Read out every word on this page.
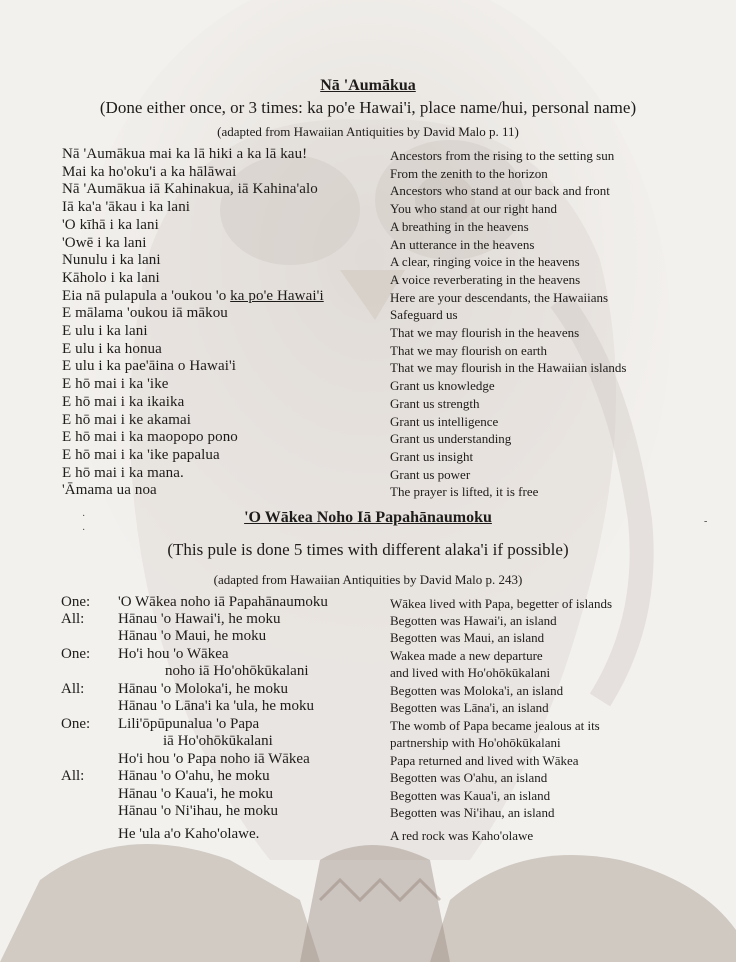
Nā 'Aumākua
(Done either once, or 3 times: ka po'e Hawai'i, place name/hui, personal name)
(adapted from Hawaiian Antiquities by David Malo p. 11)
Nā 'Aumākua mai ka lā hiki a ka lā kau!	Ancestors from the rising to the setting sun
Mai ka ho'oku'i a ka hālāwai	From the zenith to the horizon
Nā 'Aumākua iā Kahinakua, iā Kahina'alo	Ancestors who stand at our back and front
Iā ka'a 'ākau i ka lani	You who stand at our right hand
'O kīhā i ka lani	A breathing in the heavens
'Owē i ka lani	An utterance in the heavens
Nunulu i ka lani	A clear, ringing voice in the heavens
Kāholo i ka lani	A voice reverberating in the heavens
Eia nā pulapula a 'oukou 'o ka po'e Hawai'i	Here are your descendants, the Hawaiians
E mālama 'oukou iā mākou	Safeguard us
E ulu i ka lani	That we may flourish in the heavens
E ulu i ka honua	That we may flourish on earth
E ulu i ka pae'āina o Hawai'i	That we may flourish in the Hawaiian islands
E hō mai i ka 'ike	Grant us knowledge
E hō mai i ka ikaika	Grant us strength
E hō mai i ke akamai	Grant us intelligence
E hō mai i ka maopopo pono	Grant us understanding
E hō mai i ka 'ike papalua	Grant us insight
E hō mai i ka mana.	Grant us power
'Āmama ua noa	The prayer is lifted, it is free
·
·
-
'O Wākea Noho Iā Papahānaumoku
(This pule is done 5 times with different alaka'i if possible)
(adapted from Hawaiian Antiquities by David Malo p. 243)
One: 'O Wākea noho iā Papahānaumoku	Wākea lived with Papa, begetter of islands
All: Hānau 'o Hawai'i, he moku	Begotten was Hawai'i, an island
Hānau 'o Maui, he moku	Begotten was Maui, an island
One: Ho'i hou 'o Wākea	Wakea made a new departure
noho iā Ho'ohōkūkalani	and lived with Ho'ohōkūkalani
All: Hānau 'o Moloka'i, he moku	Begotten was Moloka'i, an island
Hānau 'o Lāna'i ka 'ula, he moku	Begotten was Lāna'i, an island
One: Lili'ōpūpunalua 'o Papa	The womb of Papa became jealous at its
iā Ho'ohōkūkalani	partnership with Ho'ohōkūkalani
Ho'i hou 'o Papa noho iā Wākea	Papa returned and lived with Wākea
All: Hānau 'o O'ahu, he moku	Begotten was O'ahu, an island
Hānau 'o Kaua'i, he moku	Begotten was Kaua'i, an island
Hānau 'o Ni'ihau, he moku	Begotten was Ni'ihau, an island
He 'ula a'o Kaho'olawe.	A red rock was Kaho'olawe
